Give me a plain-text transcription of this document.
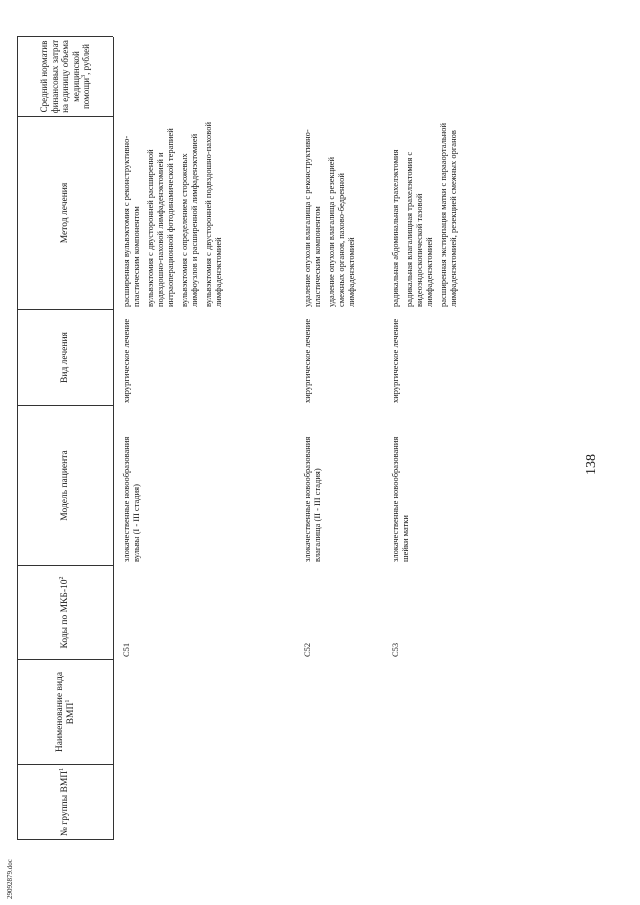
29092879.doc
138
№ группы ВМП$^1$
Наименование вида ВМП$^1$
Коды по МКБ-$10^2$
Модель пациента
Вид лечения
Метод лечения
Средний норматив финансовых затрат на единицу объема медицинской помощи$^3$, рублей
C51
злокачественные новообразования вульвы (I - III стадия)
хирургическое лечение

расширенная вульвэктомия с реконструктивно-пластическим компонентом вульвэктомия с двусторонней расширенной подвздошно-паховой лимфаденэктомией и интраоперационной фотодинамической терапией вульвэктомия с определением сторожевых лимфоузлов и расширенной лимфаденэктомией вульвэктомия с двусторонней подвздошно-паховой лимфаденэктомией

C52
злокачественные новообразования влагалища (II - III стадия)
хирургическое лечение

удаление опухоли влагалища с реконструктивно-пластическим компонентом удаление опухоли влагалища с резекцией смежных органов, пахово-бедренной лимфаденэктомией

C53
злокачественные новообразования шейки матки
хирургическое лечение

радикальная абдоминальная трахелэктомия радикальная влагалищная трахелэктомия с видеоэндоскопической тазовой лимфаденэктомией расширенная экстирпация матки с парааортальной лимфаденэктомией, резекцией смежных органов
